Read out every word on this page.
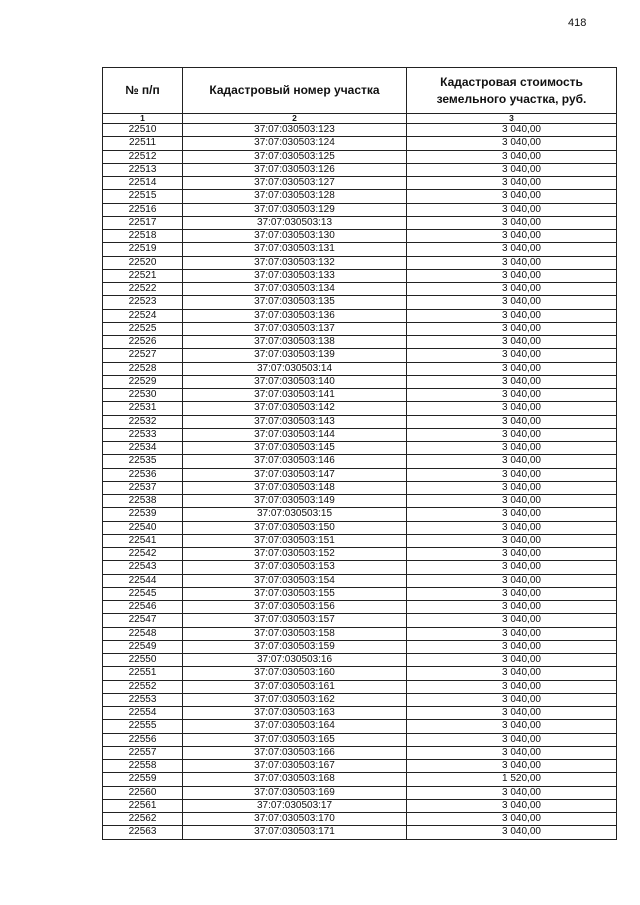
418
№ п/п	Кадастровый номер участка	Кадастровая стоимость земельного участка, руб.
1	2	3
22510	37:07:030503:123	3 040,00
22511	37:07:030503:124	3 040,00
22512	37:07:030503:125	3 040,00
22513	37:07:030503:126	3 040,00
22514	37:07:030503:127	3 040,00
22515	37:07:030503:128	3 040,00
22516	37:07:030503:129	3 040,00
22517	37:07:030503:13	3 040,00
22518	37:07:030503:130	3 040,00
22519	37:07:030503:131	3 040,00
22520	37:07:030503:132	3 040,00
22521	37:07:030503:133	3 040,00
22522	37:07:030503:134	3 040,00
22523	37:07:030503:135	3 040,00
22524	37:07:030503:136	3 040,00
22525	37:07:030503:137	3 040,00
22526	37:07:030503:138	3 040,00
22527	37:07:030503:139	3 040,00
22528	37:07:030503:14	3 040,00
22529	37:07:030503:140	3 040,00
22530	37:07:030503:141	3 040,00
22531	37:07:030503:142	3 040,00
22532	37:07:030503:143	3 040,00
22533	37:07:030503:144	3 040,00
22534	37:07:030503:145	3 040,00
22535	37:07:030503:146	3 040,00
22536	37:07:030503:147	3 040,00
22537	37:07:030503:148	3 040,00
22538	37:07:030503:149	3 040,00
22539	37:07:030503:15	3 040,00
22540	37:07:030503:150	3 040,00
22541	37:07:030503:151	3 040,00
22542	37:07:030503:152	3 040,00
22543	37:07:030503:153	3 040,00
22544	37:07:030503:154	3 040,00
22545	37:07:030503:155	3 040,00
22546	37:07:030503:156	3 040,00
22547	37:07:030503:157	3 040,00
22548	37:07:030503:158	3 040,00
22549	37:07:030503:159	3 040,00
22550	37:07:030503:16	3 040,00
22551	37:07:030503:160	3 040,00
22552	37:07:030503:161	3 040,00
22553	37:07:030503:162	3 040,00
22554	37:07:030503:163	3 040,00
22555	37:07:030503:164	3 040,00
22556	37:07:030503:165	3 040,00
22557	37:07:030503:166	3 040,00
22558	37:07:030503:167	3 040,00
22559	37:07:030503:168	1 520,00
22560	37:07:030503:169	3 040,00
22561	37:07:030503:17	3 040,00
22562	37:07:030503:170	3 040,00
22563	37:07:030503:171	3 040,00
